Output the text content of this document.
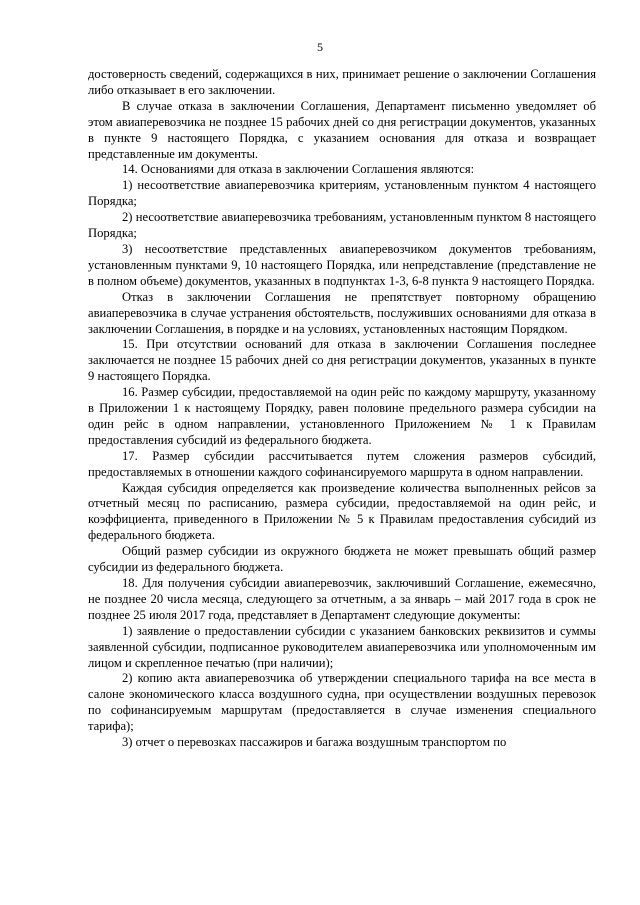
5

достоверность сведений, содержащихся в них, принимает решение о заключении Соглашения либо отказывает в его заключении.

В случае отказа в заключении Соглашения, Департамент письменно уведомляет об этом авиаперевозчика не позднее 15 рабочих дней со дня регистрации документов, указанных в пункте 9 настоящего Порядка, с указанием основания для отказа и возвращает представленные им документы.

14. Основаниями для отказа в заключении Соглашения являются:

1) несоответствие авиаперевозчика критериям, установленным пунктом 4 настоящего Порядка;

2) несоответствие авиаперевозчика требованиям, установленным пунктом 8 настоящего Порядка;

3) несоответствие представленных авиаперевозчиком документов требованиям, установленным пунктами 9, 10 настоящего Порядка, или непредставление (представление не в полном объеме) документов, указанных в подпунктах 1-3, 6-8 пункта 9 настоящего Порядка.

Отказ в заключении Соглашения не препятствует повторному обращению авиаперевозчика в случае устранения обстоятельств, послуживших основаниями для отказа в заключении Соглашения, в порядке и на условиях, установленных настоящим Порядком.

15. При отсутствии оснований для отказа в заключении Соглашения последнее заключается не позднее 15 рабочих дней со дня регистрации документов, указанных в пункте 9 настоящего Порядка.

16. Размер субсидии, предоставляемой на один рейс по каждому маршруту, указанному в Приложении 1 к настоящему Порядку, равен половине предельного размера субсидии на один рейс в одном направлении, установленного Приложением № 1 к Правилам предоставления субсидий из федерального бюджета.

17. Размер субсидии рассчитывается путем сложения размеров субсидий, предоставляемых в отношении каждого софинансируемого маршрута в одном направлении.

Каждая субсидия определяется как произведение количества выполненных рейсов за отчетный месяц по расписанию, размера субсидии, предоставляемой на один рейс, и коэффициента, приведенного в Приложении № 5 к Правилам предоставления субсидий из федерального бюджета.

Общий размер субсидии из окружного бюджета не может превышать общий размер субсидии из федерального бюджета.

18. Для получения субсидии авиаперевозчик, заключивший Соглашение, ежемесячно, не позднее 20 числа месяца, следующего за отчетным, а за январь – май 2017 года в срок не позднее 25 июля 2017 года, представляет в Департамент следующие документы:

1) заявление о предоставлении субсидии с указанием банковских реквизитов и суммы заявленной субсидии, подписанное руководителем авиаперевозчика или уполномоченным им лицом и скрепленное печатью (при наличии);

2) копию акта авиаперевозчика об утверждении специального тарифа на все места в салоне экономического класса воздушного судна, при осуществлении воздушных перевозок по софинансируемым маршрутам (предоставляется в случае изменения специального тарифа);

3) отчет о перевозках пассажиров и багажа воздушным транспортом по
